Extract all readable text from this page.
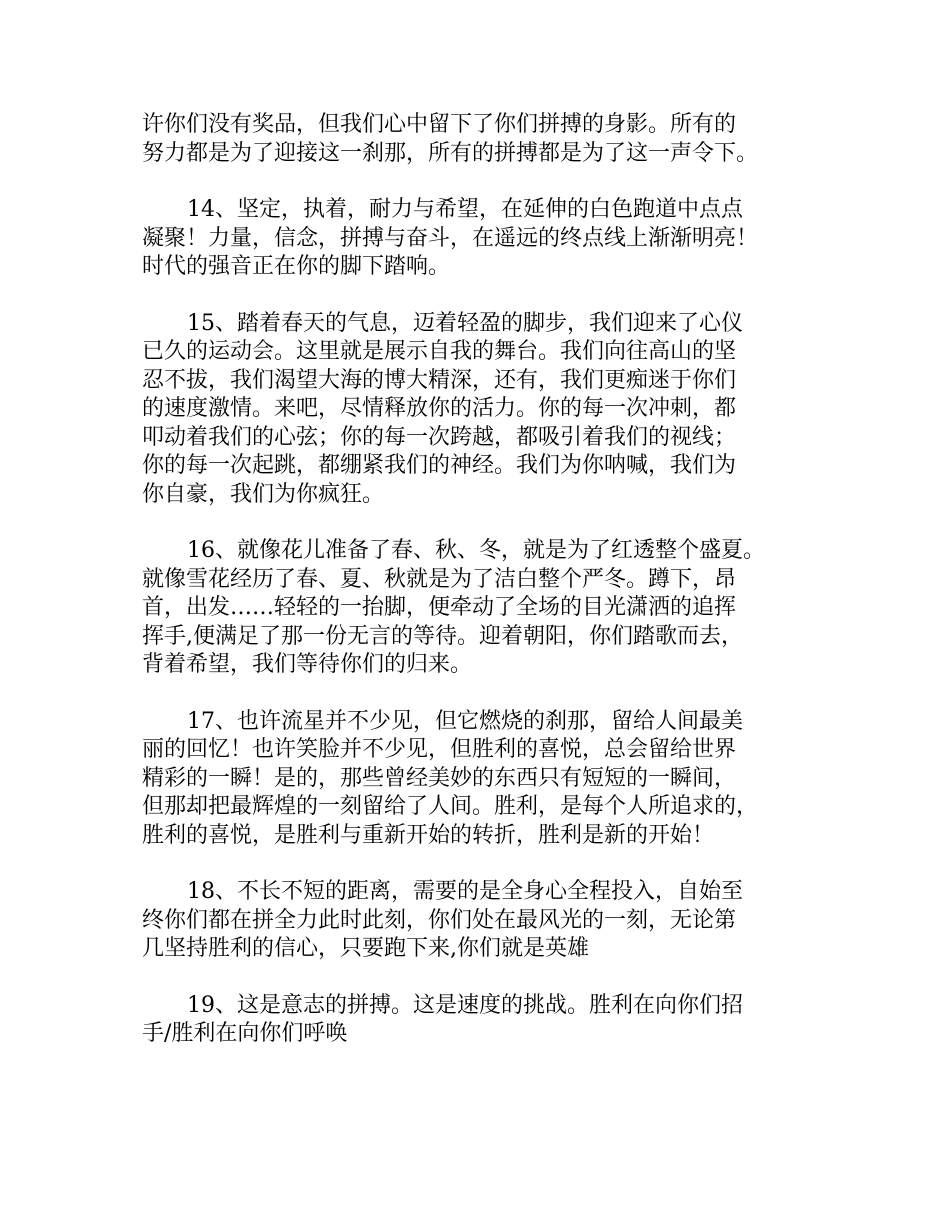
许你们没有奖品，但我们心中留下了你们拼搏的身影。所有的
努力都是为了迎接这一刹那，所有的拼搏都是为了这一声令下。

14、坚定，执着，耐力与希望，在延伸的白色跑道中点点
凝聚！力量，信念，拼搏与奋斗，在遥远的终点线上渐渐明亮！
时代的强音正在你的脚下踏响。

15、踏着春天的气息，迈着轻盈的脚步，我们迎来了心仪
已久的运动会。这里就是展示自我的舞台。我们向往高山的坚
忍不拔，我们渴望大海的博大精深，还有，我们更痴迷于你们
的速度激情。来吧，尽情释放你的活力。你的每一次冲刺，都
叩动着我们的心弦；你的每一次跨越，都吸引着我们的视线；
你的每一次起跳，都绷紧我们的神经。我们为你呐喊，我们为
你自豪，我们为你疯狂。

16、就像花儿准备了春、秋、冬，就是为了红透整个盛夏。
就像雪花经历了春、夏、秋就是为了洁白整个严冬。蹲下，昂
首，出发……轻轻的一抬脚，便牵动了全场的目光潇洒的追挥
挥手,便满足了那一份无言的等待。迎着朝阳，你们踏歌而去，
背着希望，我们等待你们的归来。

17、也许流星并不少见，但它燃烧的刹那，留给人间最美
丽的回忆！也许笑脸并不少见，但胜利的喜悦，总会留给世界
精彩的一瞬！是的，那些曾经美妙的东西只有短短的一瞬间，
但那却把最辉煌的一刻留给了人间。胜利，是每个人所追求的，
胜利的喜悦，是胜利与重新开始的转折，胜利是新的开始！

18、不长不短的距离，需要的是全身心全程投入，自始至
终你们都在拼全力此时此刻，你们处在最风光的一刻，无论第
几坚持胜利的信心，只要跑下来,你们就是英雄

19、这是意志的拼搏。这是速度的挑战。胜利在向你们招
手/胜利在向你们呼唤
